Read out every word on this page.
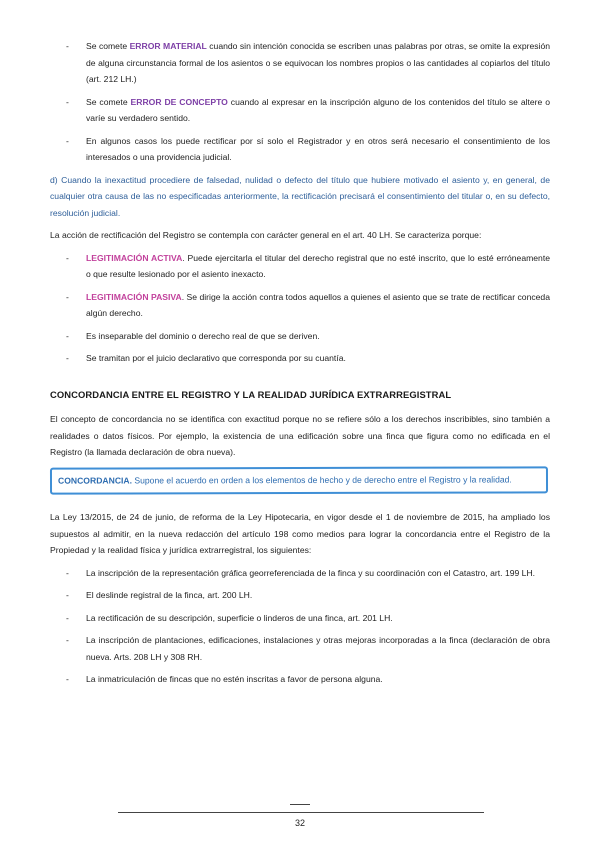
-	Se comete ERROR MATERIAL cuando sin intención conocida se escriben unas palabras por otras, se omite la expresión de alguna circunstancia formal de los asientos o se equivocan los nombres propios o las cantidades al copiarlos del título (art. 212 LH.)
-	Se comete ERROR DE CONCEPTO cuando al expresar en la inscripción alguno de los contenidos del título se altere o varíe su verdadero sentido.
-	En algunos casos los puede rectificar por sí solo el Registrador y en otros será necesario el consentimiento de los interesados o una providencia judicial.
d) Cuando la inexactitud procediere de falsedad, nulidad o defecto del título que hubiere motivado el asiento y, en general, de cualquier otra causa de las no especificadas anteriormente, la rectificación precisará el consentimiento del titular o, en su defecto, resolución judicial.
La acción de rectificación del Registro se contempla con carácter general en el art. 40 LH. Se caracteriza porque:
-	LEGITIMACIÓN ACTIVA. Puede ejercitarla el titular del derecho registral que no esté inscrito, que lo esté erróneamente o que resulte lesionado por el asiento inexacto.
-	LEGITIMACIÓN PASIVA. Se dirige la acción contra todos aquellos a quienes el asiento que se trate de rectificar conceda algún derecho.
-	Es inseparable del dominio o derecho real de que se deriven.
-	Se tramitan por el juicio declarativo que corresponda por su cuantía.
CONCORDANCIA ENTRE EL REGISTRO Y LA REALIDAD JURÍDICA EXTRARREGISTRAL
El concepto de concordancia no se identifica con exactitud porque no se refiere sólo a los derechos inscribibles, sino también a realidades o datos físicos. Por ejemplo, la existencia de una edificación sobre una finca que figura como no edificada en el Registro (la llamada declaración de obra nueva).
CONCORDANCIA. Supone el acuerdo en orden a los elementos de hecho y de derecho entre el Registro y la realidad.
La Ley 13/2015, de 24 de junio, de reforma de la Ley Hipotecaria, en vigor desde el 1 de noviembre de 2015, ha ampliado los supuestos al admitir, en la nueva redacción del artículo 198 como medios para lograr la concordancia entre el Registro de la Propiedad y la realidad física y jurídica extrarregistral, los siguientes:
-	La inscripción de la representación gráfica georreferenciada de la finca y su coordinación con el Catastro, art. 199 LH.
-	El deslinde registral de la finca, art. 200 LH.
-	La rectificación de su descripción, superficie o linderos de una finca, art. 201 LH.
-	La inscripción de plantaciones, edificaciones, instalaciones y otras mejoras incorporadas a la finca (declaración de obra nueva. Arts. 208 LH y 308 RH.
-	La inmatriculación de fincas que no estén inscritas a favor de persona alguna.
32
